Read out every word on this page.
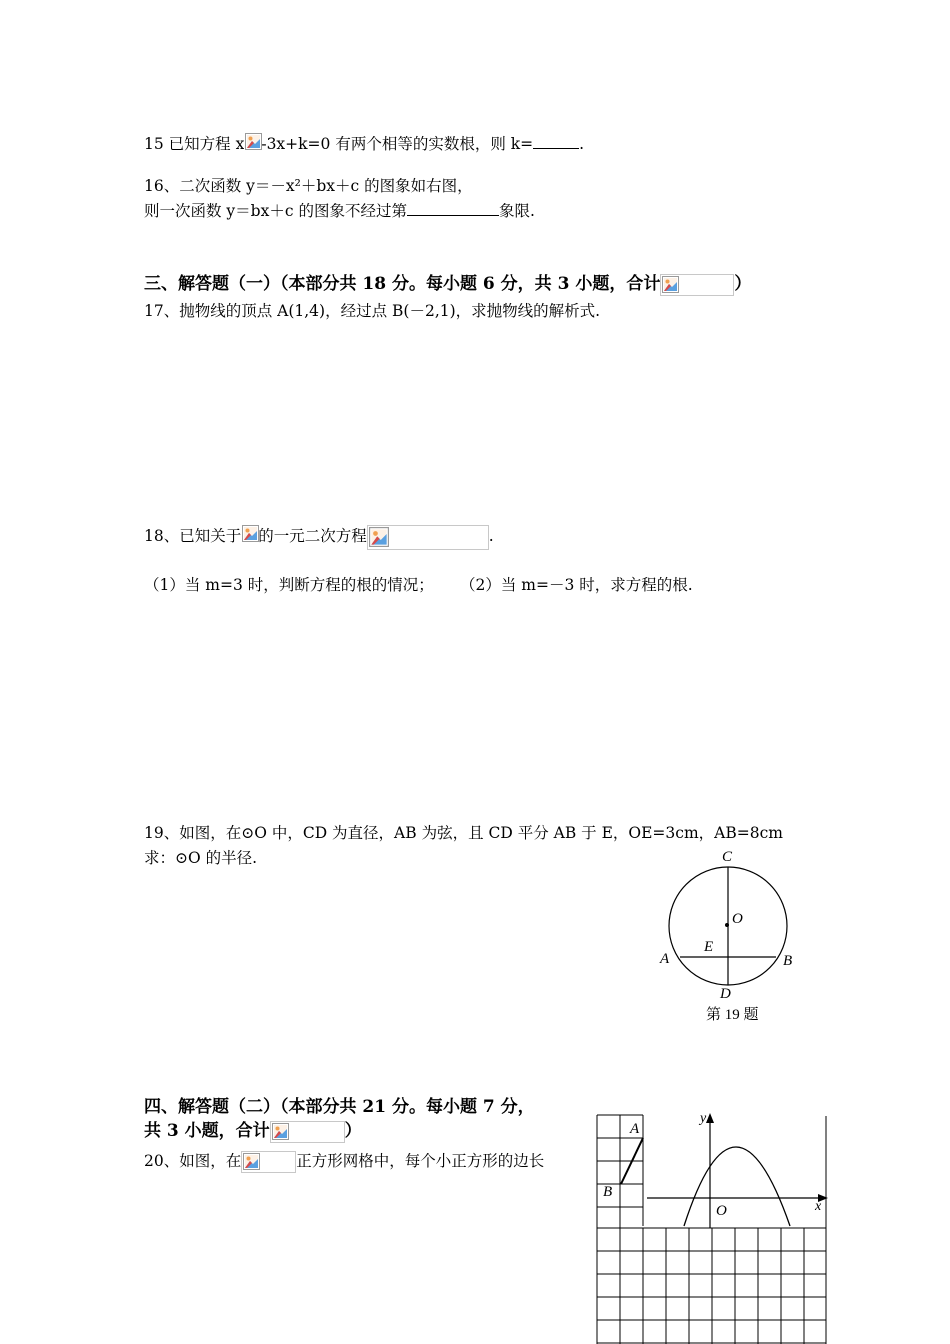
15 已知方程 x -3x+k=0 有两个相等的实数根，则 k=	.
16、二次函数 y＝－x²＋bx＋c 的图象如右图，
则一次函数 y＝bx＋c 的图象不经过第	象限.
三、解答题（一）（本部分共 18 分。每小题 6 分，共 3 小题，合计	）
17、抛物线的顶点 A(1,4)，经过点 B(－2,1)，求抛物线的解析式.
18、已知关于 的一元二次方程	.
（1）当 m=3 时，判断方程的根的情况； （2）当 m=－3 时，求方程的根.
19、如图，在⊙O 中，CD 为直径，AB 为弦，且 CD 平分 AB 于 E，OE=3cm，AB=8cm
求：⊙O 的半径.	C
O
E
A	B
D
第 19 题
四、解答题（二）（本部分共 21 分。每小题 7 分，
共 3 小题，合计	）
20、如图，在	正方形网格中，每个小正方形的边长
A
B
y
x
O
